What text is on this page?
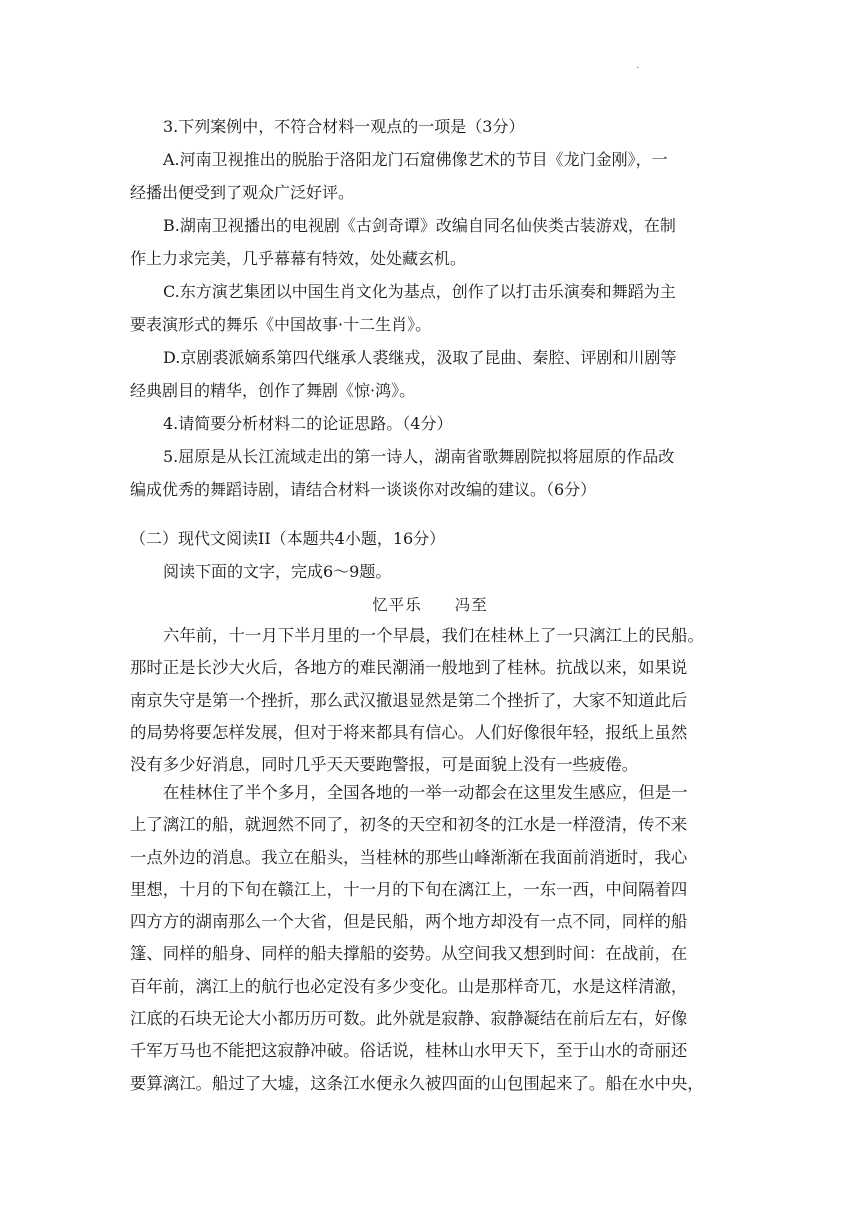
.
3.下列案例中，不符合材料一观点的一项是（3分）
A.河南卫视推出的脱胎于洛阳龙门石窟佛像艺术的节目《龙门金刚》，一
经播出便受到了观众广泛好评。
B.湖南卫视播出的电视剧《古剑奇谭》改编自同名仙侠类古装游戏，在制
作上力求完美，几乎幕幕有特效，处处藏玄机。
C.东方演艺集团以中国生肖文化为基点，创作了以打击乐演奏和舞蹈为主
要表演形式的舞乐《中国故事·十二生肖》。
D.京剧裘派嫡系第四代继承人裘继戎，汲取了昆曲、秦腔、评剧和川剧等
经典剧目的精华，创作了舞剧《惊·鸿》。
4.请简要分析材料二的论证思路。（4分）
5.屈原是从长江流域走出的第一诗人，湖南省歌舞剧院拟将屈原的作品改
编成优秀的舞蹈诗剧，请结合材料一谈谈你对改编的建议。（6分）

（二）现代文阅读II（本题共4小题，16分）

阅读下面的文字，完成6～9题。

忆平乐　　冯至

六年前，十一月下半月里的一个早晨，我们在桂林上了一只漓江上的民船。
那时正是长沙大火后，各地方的难民潮涌一般地到了桂林。抗战以来，如果说
南京失守是第一个挫折，那么武汉撤退显然是第二个挫折了，大家不知道此后
的局势将要怎样发展，但对于将来都具有信心。人们好像很年轻，报纸上虽然
没有多少好消息，同时几乎天天要跑警报，可是面貌上没有一些疲倦。
在桂林住了半个多月，全国各地的一举一动都会在这里发生感应，但是一
上了漓江的船，就迥然不同了，初冬的天空和初冬的江水是一样澄清，传不来
一点外边的消息。我立在船头，当桂林的那些山峰渐渐在我面前消逝时，我心
里想，十月的下旬在赣江上，十一月的下旬在漓江上，一东一西，中间隔着四
四方方的湖南那么一个大省，但是民船，两个地方却没有一点不同，同样的船
篷、同样的船身、同样的船夫撑船的姿势。从空间我又想到时间：在战前，在
百年前，漓江上的航行也必定没有多少变化。山是那样奇兀，水是这样清澈，
江底的石块无论大小都历历可数。此外就是寂静、寂静凝结在前后左右，好像
千军万马也不能把这寂静冲破。俗话说，桂林山水甲天下，至于山水的奇丽还
要算漓江。船过了大墟，这条江水便永久被四面的山包围起来了。船在水中央，
